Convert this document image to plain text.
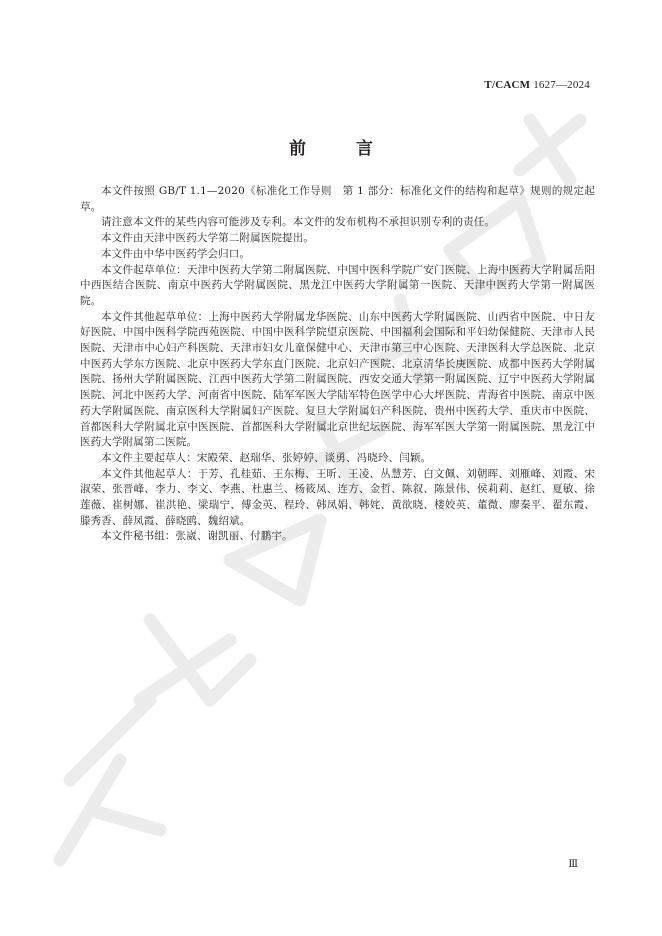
T/CACM 1627—2024
前 言

本文件按照 GB/T 1.1—2020《标准化工作导则　第 1 部分：标准化文件的结构和起草》规则的规定起草。

请注意本文件的某些内容可能涉及专利。本文件的发布机构不承担识别专利的责任。

本文件由天津中医药大学第二附属医院提出。

本文件由中华中医药学会归口。

本文件起草单位：天津中医药大学第二附属医院、中国中医科学院广安门医院、上海中医药大学附属岳阳中西医结合医院、南京中医药大学附属医院、黑龙江中医药大学附属第一医院、天津中医药大学第一附属医院。

本文件其他起草单位：上海中医药大学附属龙华医院、山东中医药大学附属医院、山西省中医院、中日友好医院、中国中医科学院西苑医院、中国中医科学院望京医院、中国福利会国际和平妇幼保健院、天津市人民医院、天津市中心妇产科医院、天津市妇女儿童保健中心、天津市第三中心医院、天津医科大学总医院、北京中医药大学东方医院、北京中医药大学东直门医院、北京妇产医院、北京清华长庚医院、成都中医药大学附属医院、扬州大学附属医院、江西中医药大学第二附属医院、西安交通大学第一附属医院、辽宁中医药大学附属医院、河北中医药大学、河南省中医院、陆军军医大学陆军特色医学中心大坪医院、青海省中医院、南京中医药大学附属医院、南京医科大学附属妇产医院、复旦大学附属妇产科医院、贵州中医药大学、重庆市中医院、首都医科大学附属北京中医医院、首都医科大学附属北京世纪坛医院、海军军医大学第一附属医院、黑龙江中医药大学附属第二医院。

本文件主要起草人：宋殿荣、赵瑞华、张婷婷、谈勇、冯晓玲、闫颖。

本文件其他起草人：于芳、孔桂茹、王东梅、王昕、王凌、丛慧芳、白文佩、刘朝晖、刘雁峰、刘霞、宋淑荣、张晋峰、李力、李文、李燕、杜惠兰、杨筱凤、连方、金哲、陈叙、陈景伟、侯莉莉、赵红、夏敏、徐莲薇、崔树娜、崔洪艳、梁瑞宁、傅金英、程玲、韩凤娟、韩姹、黄欲晓、楼姣英、董微、廖秦平、翟东霞、滕秀香、薛凤霞、薛晓鸥、魏绍斌。

本文件秘书组：张崴、谢凯丽、付鹏宇。

Ⅲ
